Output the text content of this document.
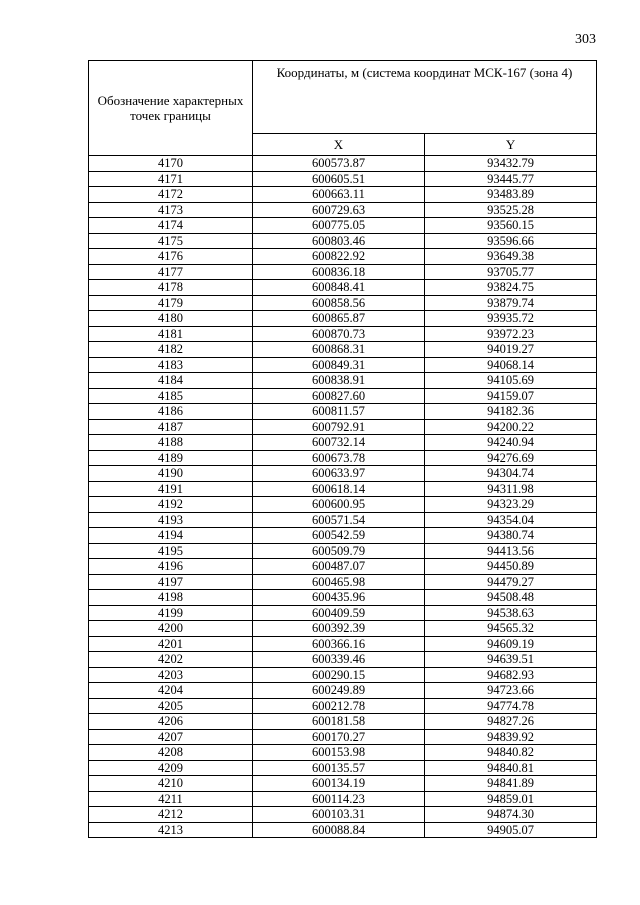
303
Обозначение характерных точек границы	Координаты, м (система координат МСК-167 (зона 4)	
	X	Y
4170	600573.87	93432.79
4171	600605.51	93445.77
4172	600663.11	93483.89
4173	600729.63	93525.28
4174	600775.05	93560.15
4175	600803.46	93596.66
4176	600822.92	93649.38
4177	600836.18	93705.77
4178	600848.41	93824.75
4179	600858.56	93879.74
4180	600865.87	93935.72
4181	600870.73	93972.23
4182	600868.31	94019.27
4183	600849.31	94068.14
4184	600838.91	94105.69
4185	600827.60	94159.07
4186	600811.57	94182.36
4187	600792.91	94200.22
4188	600732.14	94240.94
4189	600673.78	94276.69
4190	600633.97	94304.74
4191	600618.14	94311.98
4192	600600.95	94323.29
4193	600571.54	94354.04
4194	600542.59	94380.74
4195	600509.79	94413.56
4196	600487.07	94450.89
4197	600465.98	94479.27
4198	600435.96	94508.48
4199	600409.59	94538.63
4200	600392.39	94565.32
4201	600366.16	94609.19
4202	600339.46	94639.51
4203	600290.15	94682.93
4204	600249.89	94723.66
4205	600212.78	94774.78
4206	600181.58	94827.26
4207	600170.27	94839.92
4208	600153.98	94840.82
4209	600135.57	94840.81
4210	600134.19	94841.89
4211	600114.23	94859.01
4212	600103.31	94874.30
4213	600088.84	94905.07
